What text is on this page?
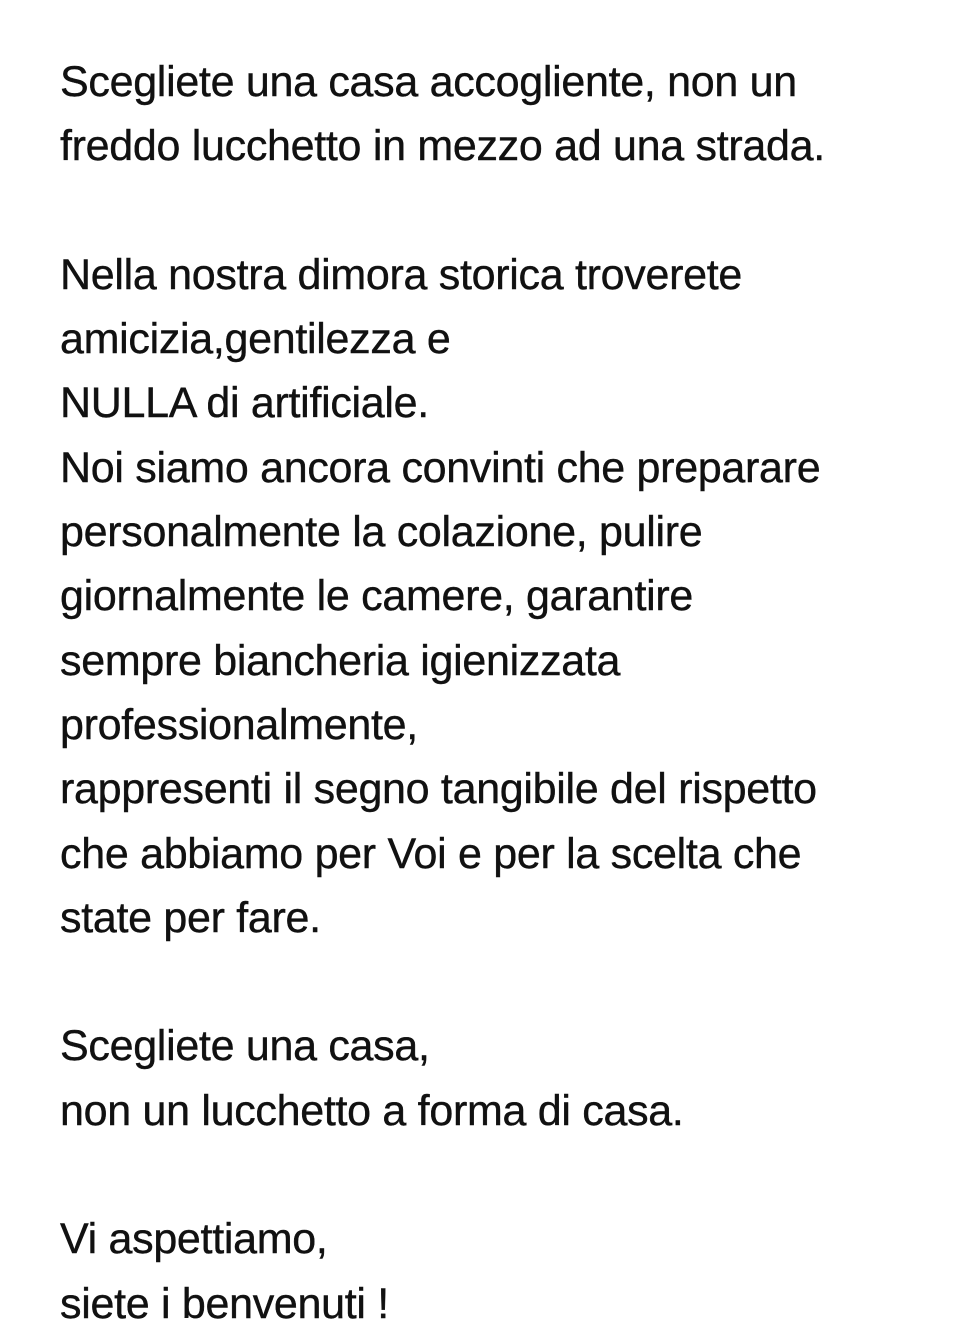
Scegliete una casa accogliente, non un
freddo lucchetto in mezzo ad una strada.
Nella nostra dimora storica troverete
amicizia,gentilezza e
NULLA di artificiale.
Noi siamo ancora convinti che preparare
personalmente la colazione, pulire
giornalmente le camere, garantire
sempre biancheria igienizzata
professionalmente,
rappresenti il segno tangibile del rispetto
che abbiamo per Voi e per la scelta che
state per fare.
Scegliete una casa,
non un lucchetto a forma di casa.
Vi aspettiamo,
siete i benvenuti !
